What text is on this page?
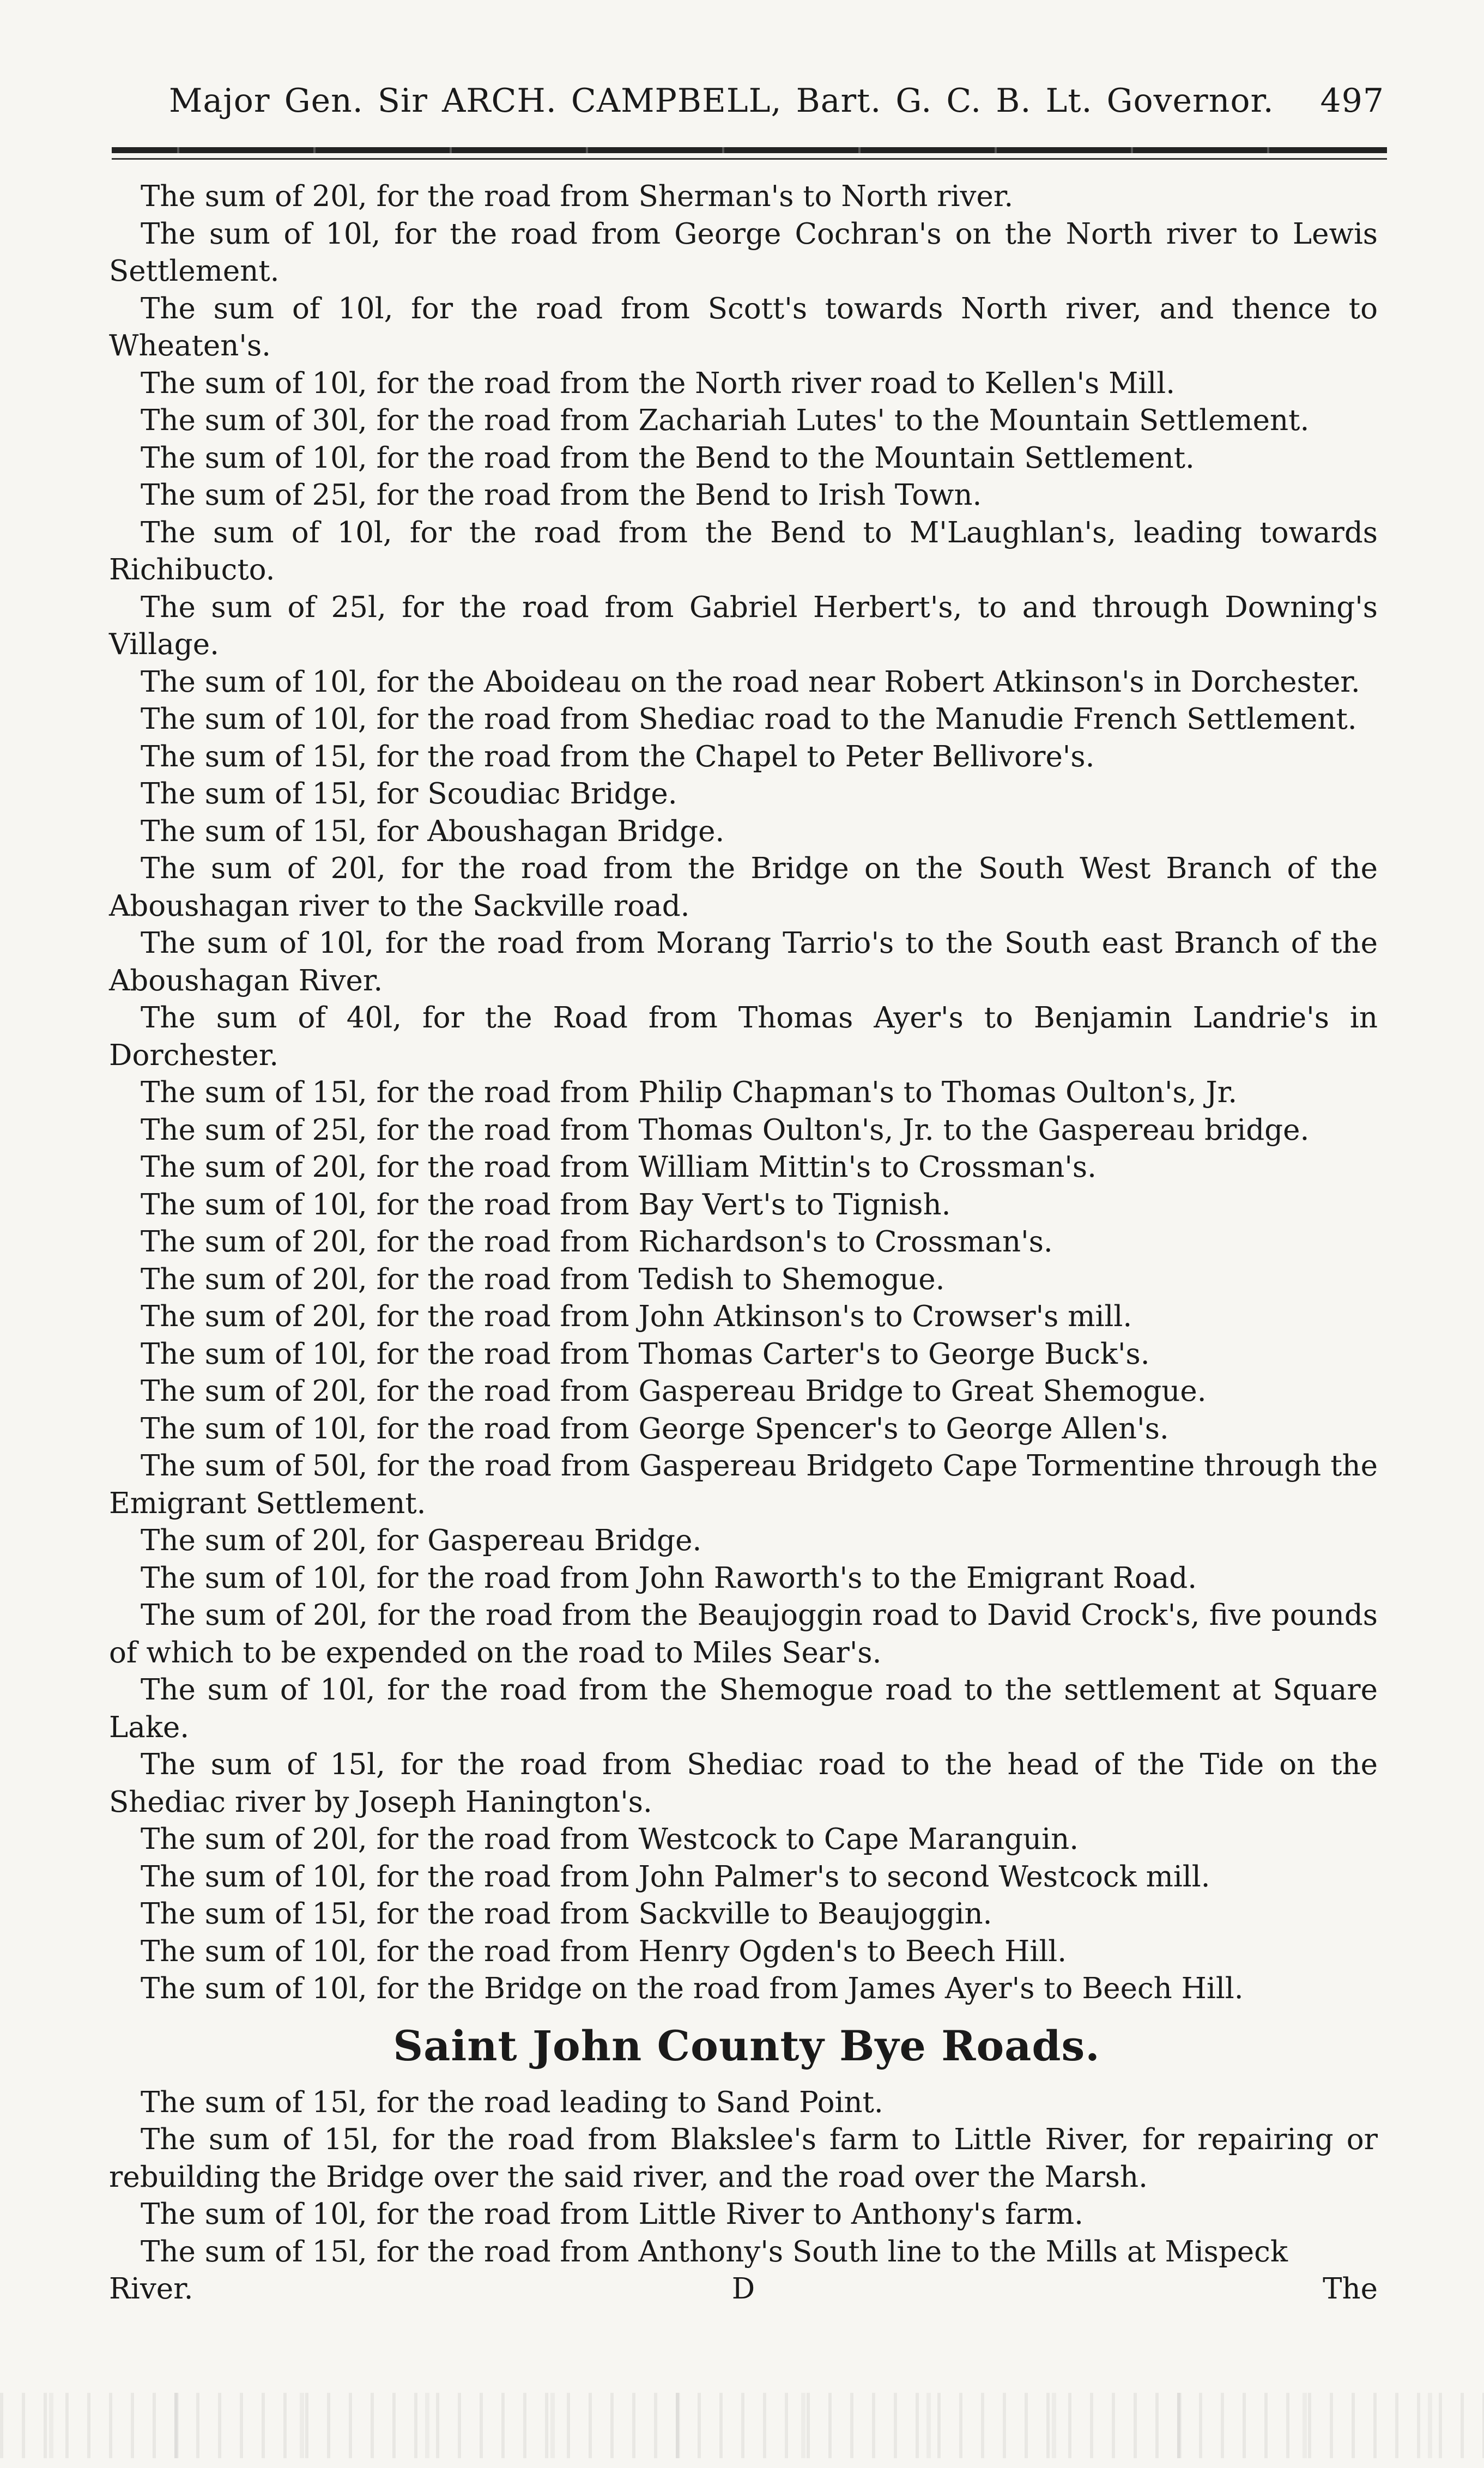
Major Gen. Sir ARCH. CAMPBELL, Bart. G. C. B. Lt. Governor. 497

The sum of 20l, for the road from Sherman's to North river.

The sum of 10l, for the road from George Cochran's on the North river to Lewis Settlement.

The sum of 10l, for the road from Scott's towards North river, and thence to Wheaten's.

The sum of 10l, for the road from the North river road to Kellen's Mill.

The sum of 30l, for the road from Zachariah Lutes' to the Mountain Settlement.

The sum of 10l, for the road from the Bend to the Mountain Settlement.

The sum of 25l, for the road from the Bend to Irish Town.

The sum of 10l, for the road from the Bend to M'Laughlan's, leading towards Richibucto.

The sum of 25l, for the road from Gabriel Herbert's, to and through Downing's Village.

The sum of 10l, for the Aboideau on the road near Robert Atkinson's in Dorchester.

The sum of 10l, for the road from Shediac road to the Manudie French Settlement.

The sum of 15l, for the road from the Chapel to Peter Bellivore's.

The sum of 15l, for Scoudiac Bridge.

The sum of 15l, for Aboushagan Bridge.

The sum of 20l, for the road from the Bridge on the South West Branch of the Aboushagan river to the Sackville road.

The sum of 10l, for the road from Morang Tarrio's to the South east Branch of the Aboushagan River.

The sum of 40l, for the Road from Thomas Ayer's to Benjamin Landrie's in Dorchester.

The sum of 15l, for the road from Philip Chapman's to Thomas Oulton's, Jr.

The sum of 25l, for the road from Thomas Oulton's, Jr. to the Gaspereau bridge.

The sum of 20l, for the road from William Mittin's to Crossman's.

The sum of 10l, for the road from Bay Vert's to Tignish.

The sum of 20l, for the road from Richardson's to Crossman's.

The sum of 20l, for the road from Tedish to Shemogue.

The sum of 20l, for the road from John Atkinson's to Crowser's mill.

The sum of 10l, for the road from Thomas Carter's to George Buck's.

The sum of 20l, for the road from Gaspereau Bridge to Great Shemogue.

The sum of 10l, for the road from George Spencer's to George Allen's.

The sum of 50l, for the road from Gaspereau Bridgeto Cape Tormentine through the Emigrant Settlement.

The sum of 20l, for Gaspereau Bridge.

The sum of 10l, for the road from John Raworth's to the Emigrant Road.

The sum of 20l, for the road from the Beaujoggin road to David Crock's, five pounds of which to be expended on the road to Miles Sear's.

The sum of 10l, for the road from the Shemogue road to the settlement at Square Lake.

The sum of 15l, for the road from Shediac road to the head of the Tide on the Shediac river by Joseph Hanington's.

The sum of 20l, for the road from Westcock to Cape Maranguin.

The sum of 10l, for the road from John Palmer's to second Westcock mill.

The sum of 15l, for the road from Sackville to Beaujoggin.

The sum of 10l, for the road from Henry Ogden's to Beech Hill.

The sum of 10l, for the Bridge on the road from James Ayer's to Beech Hill.

Saint John County Bye Roads.

The sum of 15l, for the road leading to Sand Point.

The sum of 15l, for the road from Blakslee's farm to Little River, for repairing or rebuilding the Bridge over the said river, and the road over the Marsh.

The sum of 10l, for the road from Little River to Anthony's farm.

The sum of 15l, for the road from Anthony's South line to the Mills at Mispeck

River.	D	The
